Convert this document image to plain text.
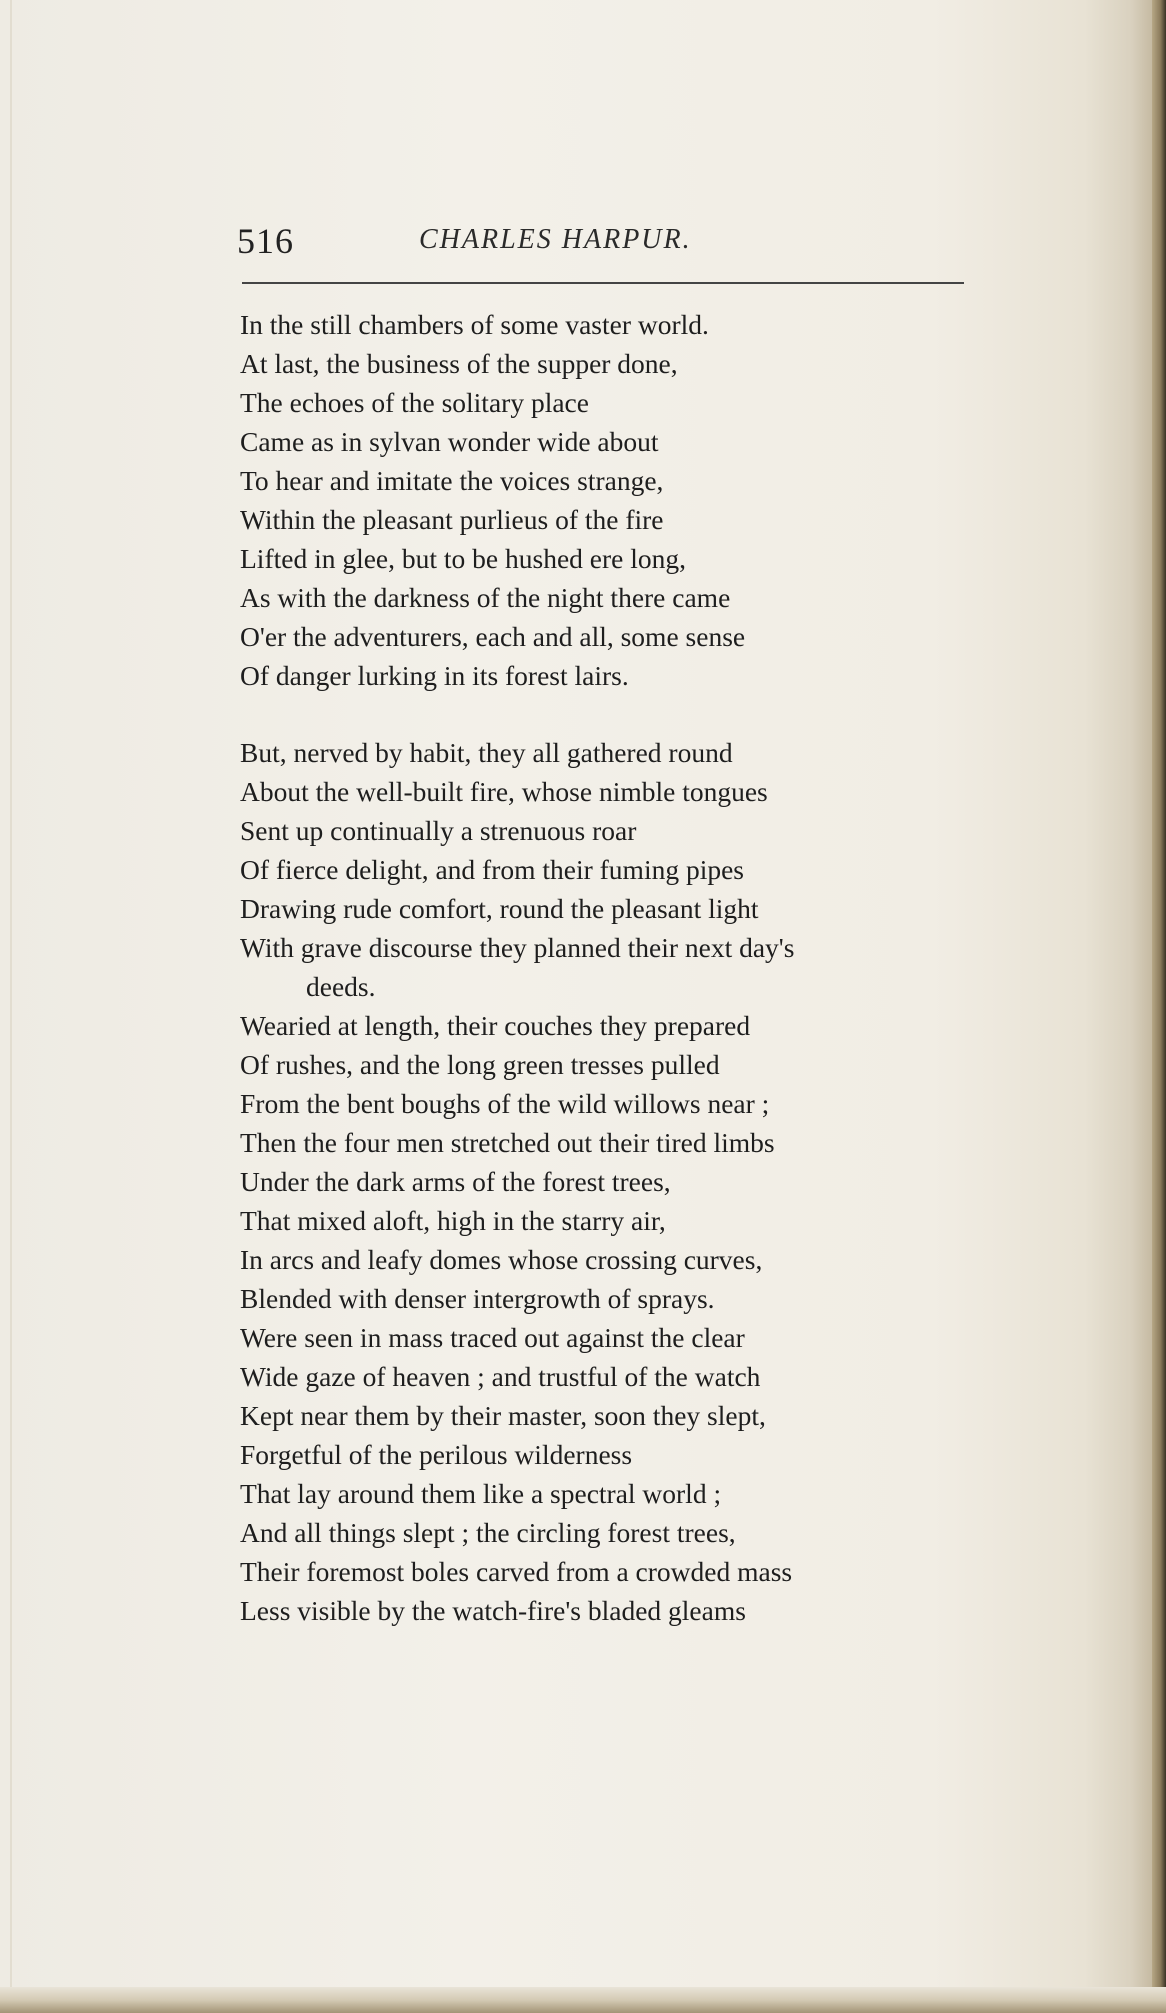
516	CHARLES HARPUR.
In the still chambers of some vaster world.
At last, the business of the supper done,
The echoes of the solitary place
Came as in sylvan wonder wide about
To hear and imitate the voices strange,
Within the pleasant purlieus of the fire
Lifted in glee, but to be hushed ere long,
As with the darkness of the night there came
O'er the adventurers, each and all, some sense
Of danger lurking in its forest lairs.
But, nerved by habit, they all gathered round
About the well-built fire, whose nimble tongues
Sent up continually a strenuous roar
Of fierce delight, and from their fuming pipes
Drawing rude comfort, round the pleasant light
With grave discourse they planned their next day's
deeds.
Wearied at length, their couches they prepared
Of rushes, and the long green tresses pulled
From the bent boughs of the wild willows near ;
Then the four men stretched out their tired limbs
Under the dark arms of the forest trees,
That mixed aloft, high in the starry air,
In arcs and leafy domes whose crossing curves,
Blended with denser intergrowth of sprays.
Were seen in mass traced out against the clear
Wide gaze of heaven ; and trustful of the watch
Kept near them by their master, soon they slept,
Forgetful of the perilous wilderness
That lay around them like a spectral world ;
And all things slept ; the circling forest trees,
Their foremost boles carved from a crowded mass
Less visible by the watch-fire's bladed gleams
